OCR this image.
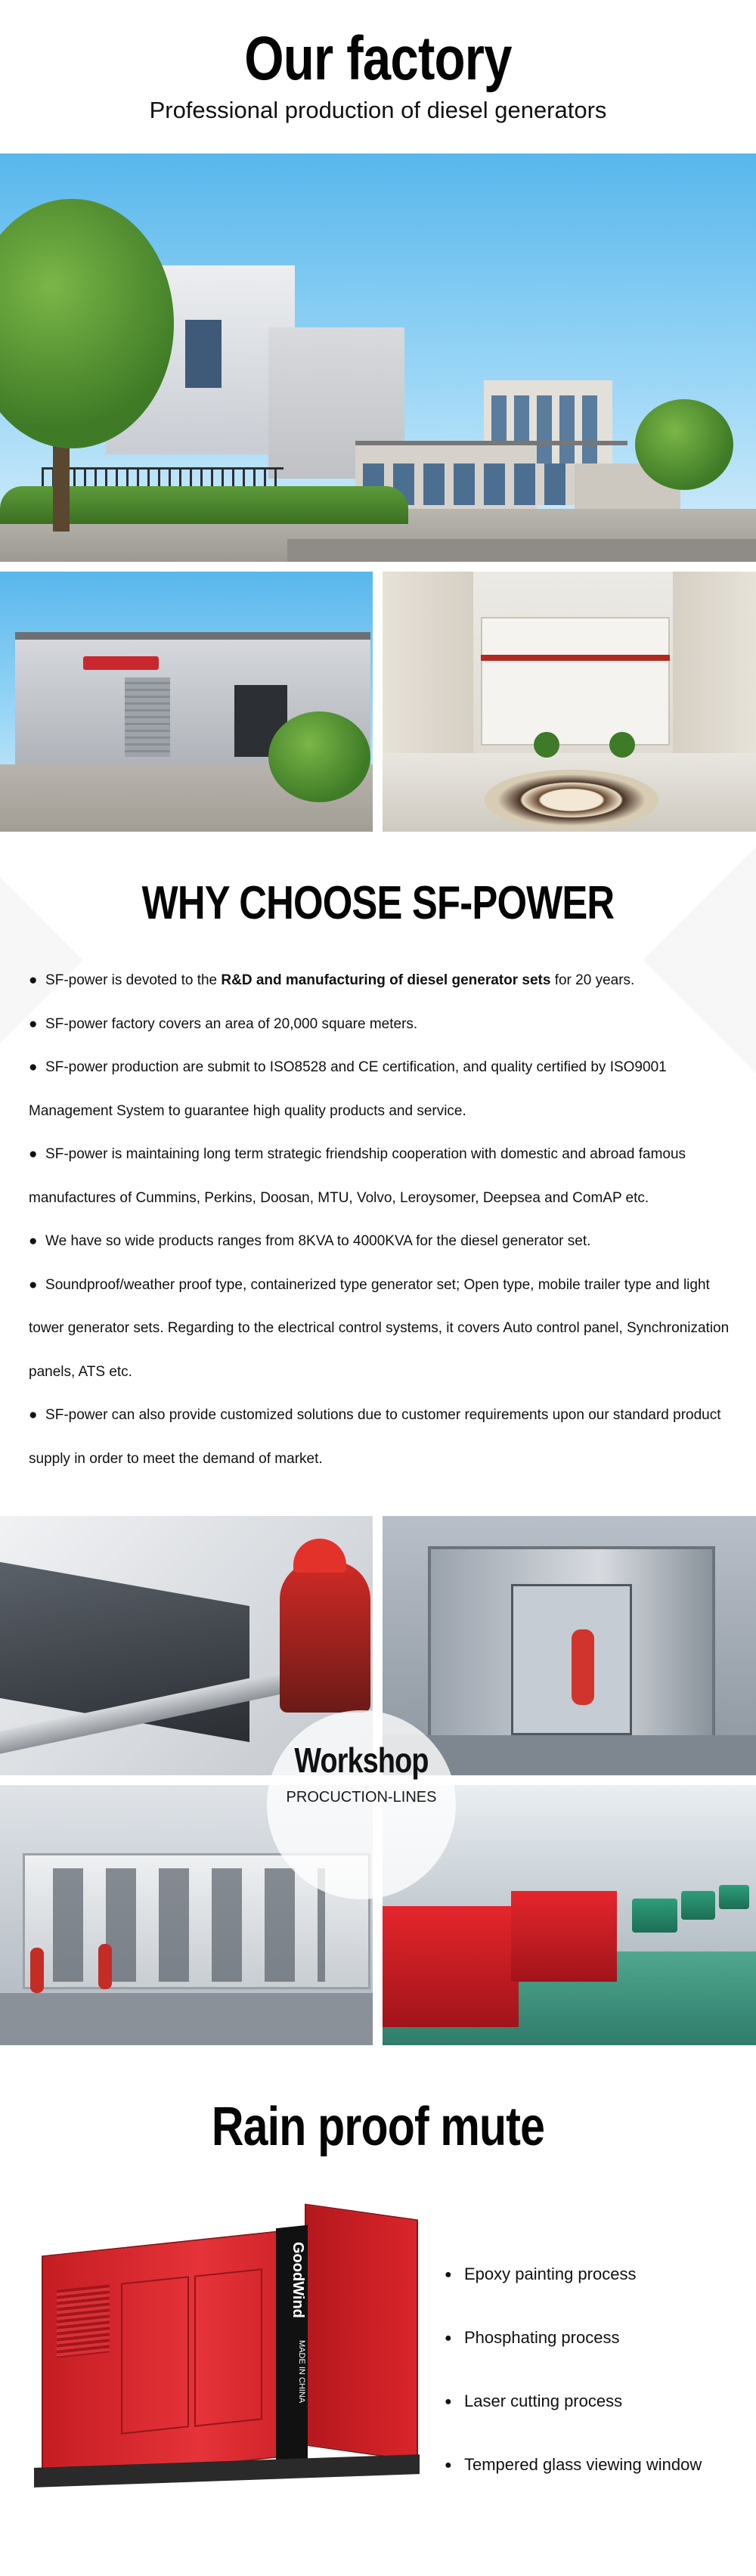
Our factory
Professional production of diesel generators
WHY CHOOSE SF-POWER

● SF-power is devoted to the R&D and manufacturing of diesel generator sets for 20 years.

● SF-power factory covers an area of 20,000 square meters.

● SF-power production are submit to ISO8528 and CE certification, and quality certified by ISO9001 Management System to guarantee high quality products and service.

● SF-power is maintaining long term strategic friendship cooperation with domestic and abroad famous manufactures of Cummins, Perkins, Doosan, MTU, Volvo, Leroysomer, Deepsea and ComAP etc.

● We have so wide products ranges from 8KVA to 4000KVA for the diesel generator set.

● Soundproof/weather proof type, containerized type generator set; Open type, mobile trailer type and light tower generator sets. Regarding to the electrical control systems, it covers Auto control panel, Synchronization panels, ATS etc.

● SF-power can also provide customized solutions due to customer requirements upon our standard product supply in order to meet the demand of market.

Workshop
PROCUCTION-LINES
Rain proof mute
GoodWind
MADE IN CHINA
● Epoxy painting process
● Phosphating process
● Laser cutting process
● Tempered glass viewing window
